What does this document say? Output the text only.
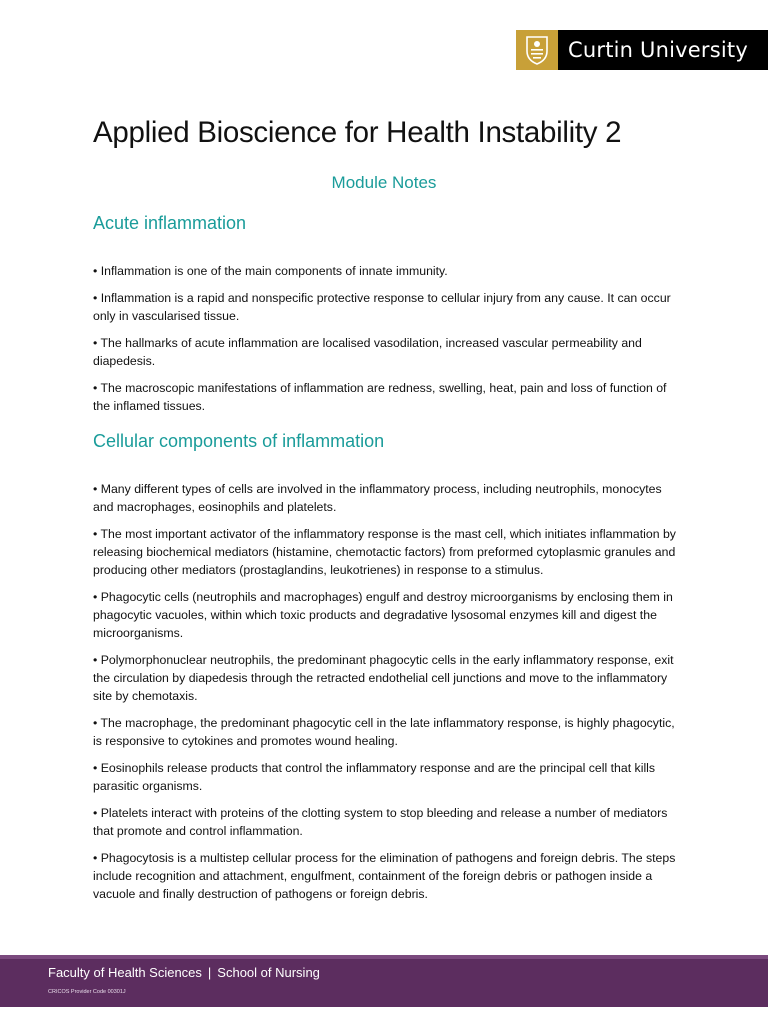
Curtin University
Applied Bioscience for Health Instability 2
Module Notes
Acute inflammation
• Inflammation is one of the main components of innate immunity.
• Inflammation is a rapid and nonspecific protective response to cellular injury from any cause. It can occur only in vascularised tissue.
• The hallmarks of acute inflammation are localised vasodilation, increased vascular permeability and diapedesis.
• The macroscopic manifestations of inflammation are redness, swelling, heat, pain and loss of function of the inflamed tissues.
Cellular components of inflammation
• Many different types of cells are involved in the inflammatory process, including neutrophils, monocytes and macrophages, eosinophils and platelets.
• The most important activator of the inflammatory response is the mast cell, which initiates inflammation by releasing biochemical mediators (histamine, chemotactic factors) from preformed cytoplasmic granules and producing other mediators (prostaglandins, leukotrienes) in response to a stimulus.
• Phagocytic cells (neutrophils and macrophages) engulf and destroy microorganisms by enclosing them in phagocytic vacuoles, within which toxic products and degradative lysosomal enzymes kill and digest the microorganisms.
• Polymorphonuclear neutrophils, the predominant phagocytic cells in the early inflammatory response, exit the circulation by diapedesis through the retracted endothelial cell junctions and move to the inflammatory site by chemotaxis.
• The macrophage, the predominant phagocytic cell in the late inflammatory response, is highly phagocytic, is responsive to cytokines and promotes wound healing.
• Eosinophils release products that control the inflammatory response and are the principal cell that kills parasitic organisms.
• Platelets interact with proteins of the clotting system to stop bleeding and release a number of mediators that promote and control inflammation.
• Phagocytosis is a multistep cellular process for the elimination of pathogens and foreign debris. The steps include recognition and attachment, engulfment, containment of the foreign debris or pathogen inside a vacuole and finally destruction of pathogens or foreign debris.
Faculty of Health Sciences | School of Nursing
CRICOS Provider Code 00301J
